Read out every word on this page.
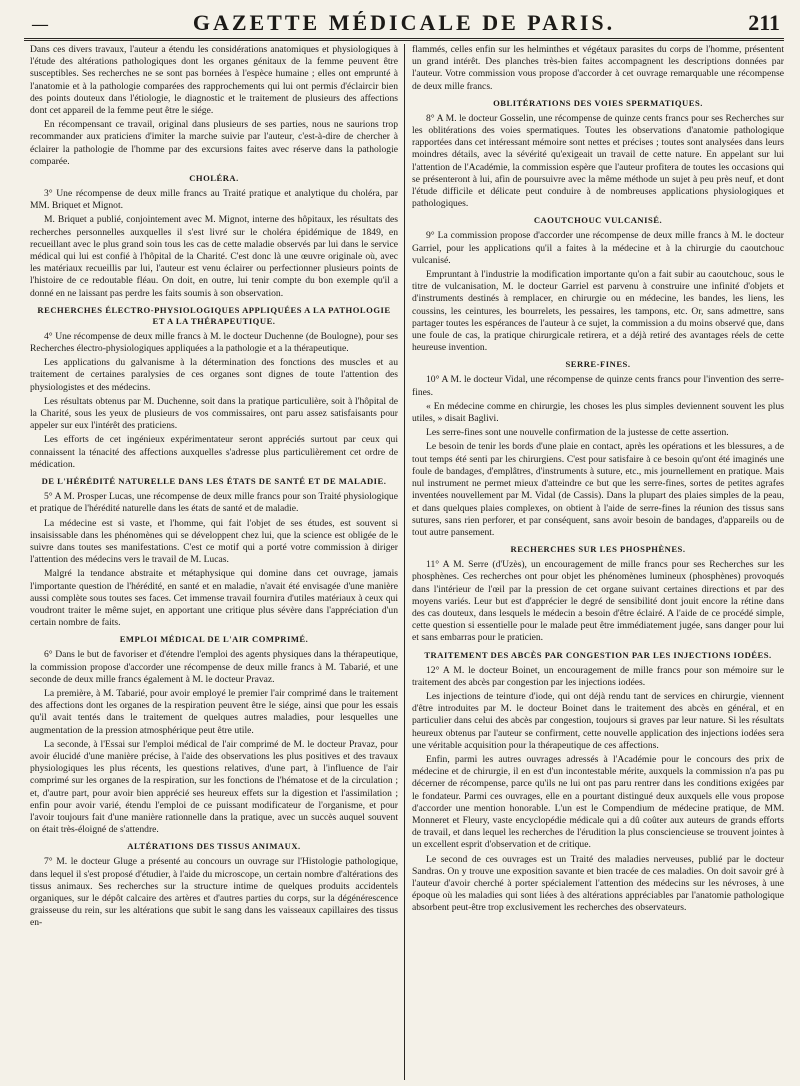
—	GAZETTE MÉDICALE DE PARIS.	211

Dans ces divers travaux, l'auteur a étendu les considérations anatomiques et physiologiques à l'étude des altérations pathologiques dont les organes génitaux de la femme peuvent être susceptibles. Ses recherches ne se sont pas bornées à l'espèce humaine ; elles ont emprunté à l'anatomie et à la pathologie comparées des rapprochements qui lui ont permis d'éclaircir bien des points douteux dans l'étiologie, le diagnostic et le traitement de plusieurs des affections dont cet appareil de la femme peut être le siége.

En récompensant ce travail, original dans plusieurs de ses parties, nous ne saurions trop recommander aux praticiens d'imiter la marche suivie par l'auteur, c'est-à-dire de chercher à éclairer la pathologie de l'homme par des excursions faites avec réserve dans la pathologie comparée.

CHOLÉRA.

3° Une récompense de deux mille francs au Traité pratique et analytique du choléra, par MM. Briquet et Mignot.

M. Briquet a publié, conjointement avec M. Mignot, interne des hôpitaux, les résultats des recherches personnelles auxquelles il s'est livré sur le choléra épidémique de 1849, en recueillant avec le plus grand soin tous les cas de cette maladie observés par lui dans le service médical qui lui est confié à l'hôpital de la Charité. C'est donc là une œuvre originale où, avec les matériaux recueillis par lui, l'auteur est venu éclairer ou perfectionner plusieurs points de l'histoire de ce redoutable fléau. On doit, en outre, lui tenir compte du bon exemple qu'il a donné en ne laissant pas perdre les faits soumis à son observation.

RECHERCHES ÉLECTRO-PHYSIOLOGIQUES APPLIQUÉES A LA PATHOLOGIE ET A LA THÉRAPEUTIQUE.

4° Une récompense de deux mille francs à M. le docteur Duchenne (de Boulogne), pour ses Recherches électro-physiologiques appliquées a la pathologie et a la thérapeutique.

Les applications du galvanisme à la détermination des fonctions des muscles et au traitement de certaines paralysies de ces organes sont dignes de toute l'attention des physiologistes et des médecins.

Les résultats obtenus par M. Duchenne, soit dans la pratique particulière, soit à l'hôpital de la Charité, sous les yeux de plusieurs de vos commissaires, ont paru assez satisfaisants pour appeler sur eux l'intérêt des praticiens.

Les efforts de cet ingénieux expérimentateur seront appréciés surtout par ceux qui connaissent la ténacité des affections auxquelles s'adresse plus particulièrement cet ordre de médication.

DE L'HÉRÉDITÉ NATURELLE DANS LES ÉTATS DE SANTÉ ET DE MALADIE.

5° A M. Prosper Lucas, une récompense de deux mille francs pour son Traité physiologique et pratique de l'hérédité naturelle dans les états de santé et de maladie.

La médecine est si vaste, et l'homme, qui fait l'objet de ses études, est souvent si insaisissable dans les phénomènes qui se développent chez lui, que la science est obligée de le suivre dans toutes ses manifestations. C'est ce motif qui a porté votre commission à diriger l'attention des médecins vers le travail de M. Lucas.

Malgré la tendance abstraite et métaphysique qui domine dans cet ouvrage, jamais l'importante question de l'hérédité, en santé et en maladie, n'avait été envisagée d'une manière aussi complète sous toutes ses faces. Cet immense travail fournira d'utiles matériaux à ceux qui voudront traiter le même sujet, en apportant une critique plus sévère dans l'appréciation d'un certain nombre de faits.

EMPLOI MÉDICAL DE L'AIR COMPRIMÉ.

6° Dans le but de favoriser et d'étendre l'emploi des agents physiques dans la thérapeutique, la commission propose d'accorder une récompense de deux mille francs à M. Tabarié, et une seconde de deux mille francs également à M. le docteur Pravaz.

La première, à M. Tabarié, pour avoir employé le premier l'air comprimé dans le traitement des affections dont les organes de la respiration peuvent être le siége, ainsi que pour les essais qu'il avait tentés dans le traitement de quelques autres maladies, pour lesquelles une augmentation de la pression atmosphérique peut être utile.

La seconde, à l'Essai sur l'emploi médical de l'air comprimé de M. le docteur Pravaz, pour avoir élucidé d'une manière précise, à l'aide des observations les plus positives et des travaux physiologiques les plus récents, les questions relatives, d'une part, à l'influence de l'air comprimé sur les organes de la respiration, sur les fonctions de l'hématose et de la circulation ; et, d'autre part, pour avoir bien apprécié ses heureux effets sur la digestion et l'assimilation ; enfin pour avoir varié, étendu l'emploi de ce puissant modificateur de l'organisme, et pour l'avoir toujours fait d'une manière rationnelle dans la pratique, avec un succès auquel souvent on était très-éloigné de s'attendre.

ALTÉRATIONS DES TISSUS ANIMAUX.

7° M. le docteur Gluge a présenté au concours un ouvrage sur l'Histologie pathologique, dans lequel il s'est proposé d'étudier, à l'aide du microscope, un certain nombre d'altérations des tissus animaux. Ses recherches sur la structure intime de quelques produits accidentels organiques, sur le dépôt calcaire des artères et d'autres parties du corps, sur la dégénérescence graisseuse du rein, sur les altérations que subit le sang dans les vaisseaux capillaires des tissus en-

flammés, celles enfin sur les helminthes et végétaux parasites du corps de l'homme, présentent un grand intérêt. Des planches très-bien faites accompagnent les descriptions données par l'auteur. Votre commission vous propose d'accorder à cet ouvrage remarquable une récompense de deux mille francs.

OBLITÉRATIONS DES VOIES SPERMATIQUES.

8° A M. le docteur Gosselin, une récompense de quinze cents francs pour ses Recherches sur les oblitérations des voies spermatiques. Toutes les observations d'anatomie pathologique rapportées dans cet intéressant mémoire sont nettes et précises ; toutes sont analysées dans leurs moindres détails, avec la sévérité qu'exigeait un travail de cette nature. En appelant sur lui l'attention de l'Académie, la commission espère que l'auteur profitera de toutes les occasions qui se présenteront à lui, afin de poursuivre avec la même méthode un sujet à peu près neuf, et dont l'étude difficile et délicate peut conduire à de nombreuses applications physiologiques et pathologiques.

CAOUTCHOUC VULCANISÉ.

9° La commission propose d'accorder une récompense de deux mille francs à M. le docteur Garriel, pour les applications qu'il a faites à la médecine et à la chirurgie du caoutchouc vulcanisé.

Empruntant à l'industrie la modification importante qu'on a fait subir au caoutchouc, sous le titre de vulcanisation, M. le docteur Garriel est parvenu à construire une infinité d'objets et d'instruments destinés à remplacer, en chirurgie ou en médecine, les bandes, les liens, les coussins, les ceintures, les bourrelets, les pessaires, les tampons, etc. Or, sans admettre, sans partager toutes les espérances de l'auteur à ce sujet, la commission a du moins observé que, dans une foule de cas, la pratique chirurgicale retirera, et a déjà retiré des avantages réels de cette heureuse invention.

SERRE-FINES.

10° A M. le docteur Vidal, une récompense de quinze cents francs pour l'invention des serre-fines.

« En médecine comme en chirurgie, les choses les plus simples deviennent souvent les plus utiles, » disait Baglivi.

Les serre-fines sont une nouvelle confirmation de la justesse de cette assertion.

Le besoin de tenir les bords d'une plaie en contact, après les opérations et les blessures, a de tout temps été senti par les chirurgiens. C'est pour satisfaire à ce besoin qu'ont été imaginés une foule de bandages, d'emplâtres, d'instruments à suture, etc., mis journellement en pratique. Mais nul instrument ne permet mieux d'atteindre ce but que les serre-fines, sortes de petites agrafes inventées nouvellement par M. Vidal (de Cassis). Dans la plupart des plaies simples de la peau, et dans quelques plaies complexes, on obtient à l'aide de serre-fines la réunion des tissus sans sutures, sans rien perforer, et par conséquent, sans avoir besoin de bandages, d'appareils ou de tout autre pansement.

RECHERCHES SUR LES PHOSPHÈNES.

11° A M. Serre (d'Uzès), un encouragement de mille francs pour ses Recherches sur les phosphènes. Ces recherches ont pour objet les phénomènes lumineux (phosphènes) provoqués dans l'intérieur de l'œil par la pression de cet organe suivant certaines directions et par des moyens variés. Leur but est d'apprécier le degré de sensibilité dont jouit encore la rétine dans des cas douteux, dans lesquels le médecin a besoin d'être éclairé. A l'aide de ce procédé simple, cette question si essentielle pour le malade peut être immédiatement jugée, sans danger pour lui et sans embarras pour le praticien.

TRAITEMENT DES ABCÈS PAR CONGESTION PAR LES INJECTIONS IODÉES.

12° A M. le docteur Boinet, un encouragement de mille francs pour son mémoire sur le traitement des abcès par congestion par les injections iodées.

Les injections de teinture d'iode, qui ont déjà rendu tant de services en chirurgie, viennent d'être introduites par M. le docteur Boinet dans le traitement des abcès en général, et en particulier dans celui des abcès par congestion, toujours si graves par leur nature. Si les résultats heureux obtenus par l'auteur se confirment, cette nouvelle application des injections iodées sera une véritable acquisition pour la thérapeutique de ces affections.

Enfin, parmi les autres ouvrages adressés à l'Académie pour le concours des prix de médecine et de chirurgie, il en est d'un incontestable mérite, auxquels la commission n'a pas pu décerner de récompense, parce qu'ils ne lui ont pas paru rentrer dans les conditions exigées par le fondateur. Parmi ces ouvrages, elle en a pourtant distingué deux auxquels elle vous propose d'accorder une mention honorable. L'un est le Compendium de médecine pratique, de MM. Monneret et Fleury, vaste encyclopédie médicale qui a dû coûter aux auteurs de grands efforts de travail, et dans lequel les recherches de l'érudition la plus consciencieuse se trouvent jointes à un excellent esprit d'observation et de critique.

Le second de ces ouvrages est un Traité des maladies nerveuses, publié par le docteur Sandras. On y trouve une exposition savante et bien tracée de ces maladies. On doit savoir gré à l'auteur d'avoir cherché à porter spécialement l'attention des médecins sur les névroses, à une époque où les maladies qui sont liées à des altérations appréciables par l'anatomie pathologique absorbent peut-être trop exclusivement les recherches des observateurs.
